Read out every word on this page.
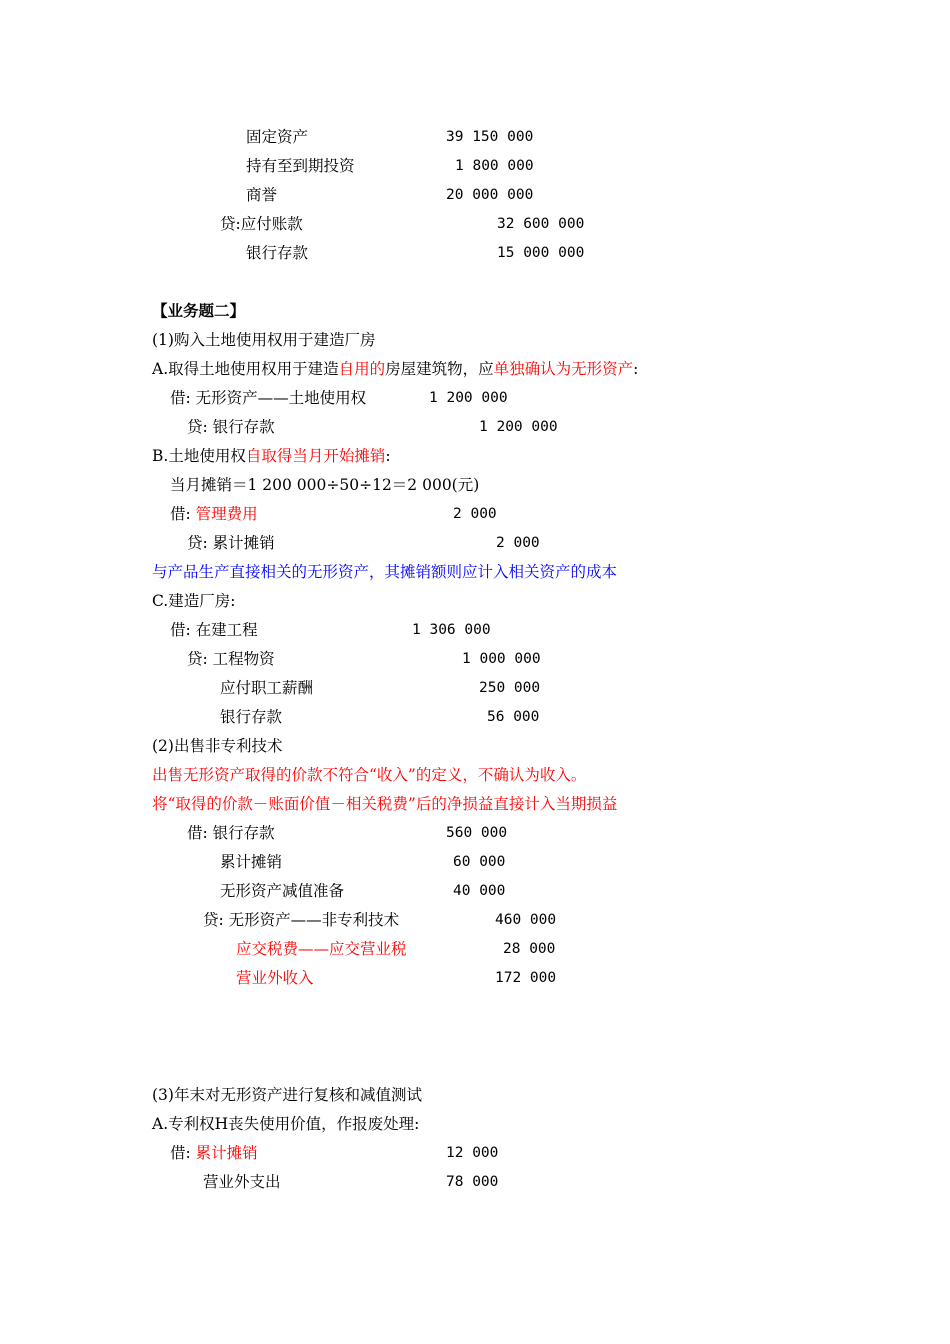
固定资产	39 150 000
持有至到期投资	1 800 000
商誉	20 000 000
贷:应付账款	32 600 000
银行存款	15 000 000
【业务题二】
(1)购入土地使用权用于建造厂房
A.取得土地使用权用于建造自用的房屋建筑物，应单独确认为无形资产:
借: 无形资产——土地使用权	1 200 000
贷: 银行存款	1 200 000
B.土地使用权自取得当月开始摊销:
当月摊销＝1 200 000÷50÷12＝2 000(元)
借: 管理费用	2 000
贷: 累计摊销	2 000
与产品生产直接相关的无形资产，其摊销额则应计入相关资产的成本
C.建造厂房:
借: 在建工程	1 306 000
贷: 工程物资	1 000 000
应付职工薪酬	250 000
银行存款	56 000
(2)出售非专利技术
出售无形资产取得的价款不符合“收入”的定义，不确认为收入。
将“取得的价款－账面价值－相关税费”后的净损益直接计入当期损益
借: 银行存款	560 000
累计摊销	60 000
无形资产减值准备	40 000
贷: 无形资产——非专利技术	460 000
应交税费——应交营业税	28 000
营业外收入	172 000
(3)年末对无形资产进行复核和减值测试
A.专利权H丧失使用价值，作报废处理:
借: 累计摊销	12 000
营业外支出	78 000
